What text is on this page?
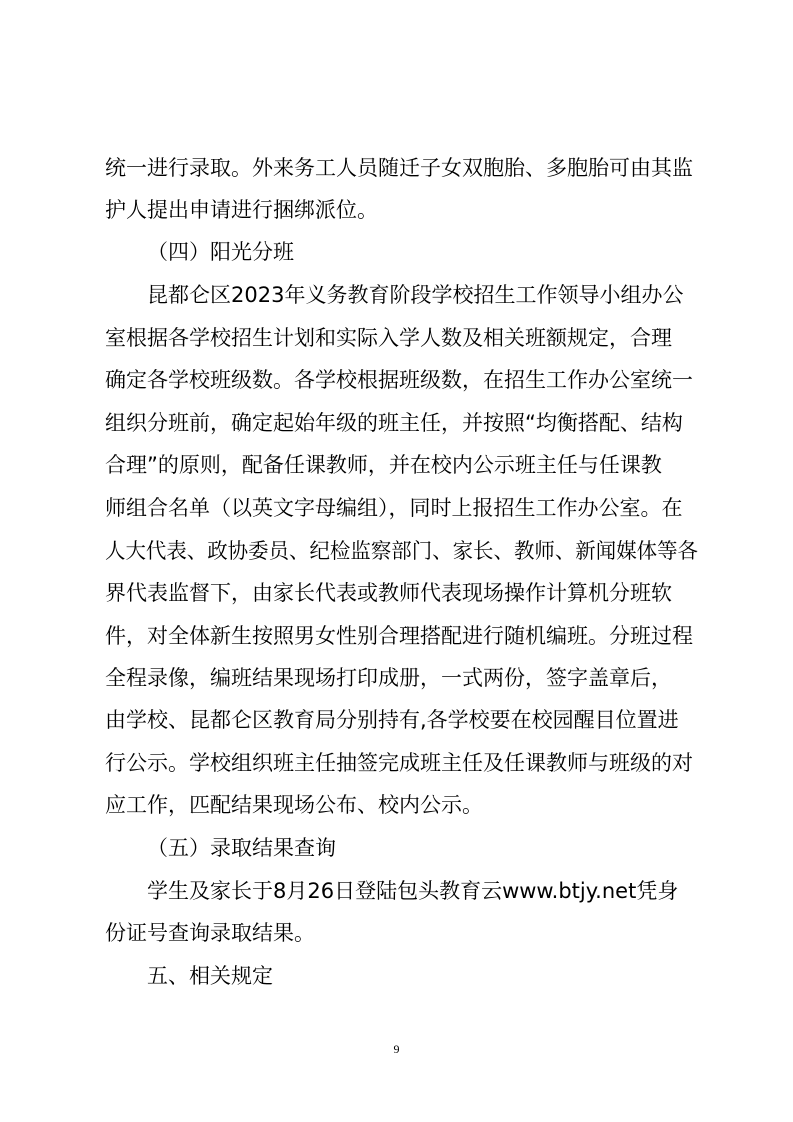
统一进行录取。外来务工人员随迁子女双胞胎、多胞胎可由其监
护人提出申请进行捆绑派位。
（四）阳光分班
昆都仑区2023年义务教育阶段学校招生工作领导小组办公
室根据各学校招生计划和实际入学人数及相关班额规定，合理
确定各学校班级数。各学校根据班级数，在招生工作办公室统一
组织分班前，确定起始年级的班主任，并按照“均衡搭配、结构
合理”的原则，配备任课教师，并在校内公示班主任与任课教
师组合名单（以英文字母编组），同时上报招生工作办公室。在
人大代表、政协委员、纪检监察部门、家长、教师、新闻媒体等各
界代表监督下，由家长代表或教师代表现场操作计算机分班软
件，对全体新生按照男女性别合理搭配进行随机编班。分班过程
全程录像，编班结果现场打印成册，一式两份，签字盖章后，
由学校、昆都仑区教育局分别持有,各学校要在校园醒目位置进
行公示。学校组织班主任抽签完成班主任及任课教师与班级的对
应工作，匹配结果现场公布、校内公示。
（五）录取结果查询
学生及家长于8月26日登陆包头教育云www.btjy.net凭身
份证号查询录取结果。
五、相关规定
9
